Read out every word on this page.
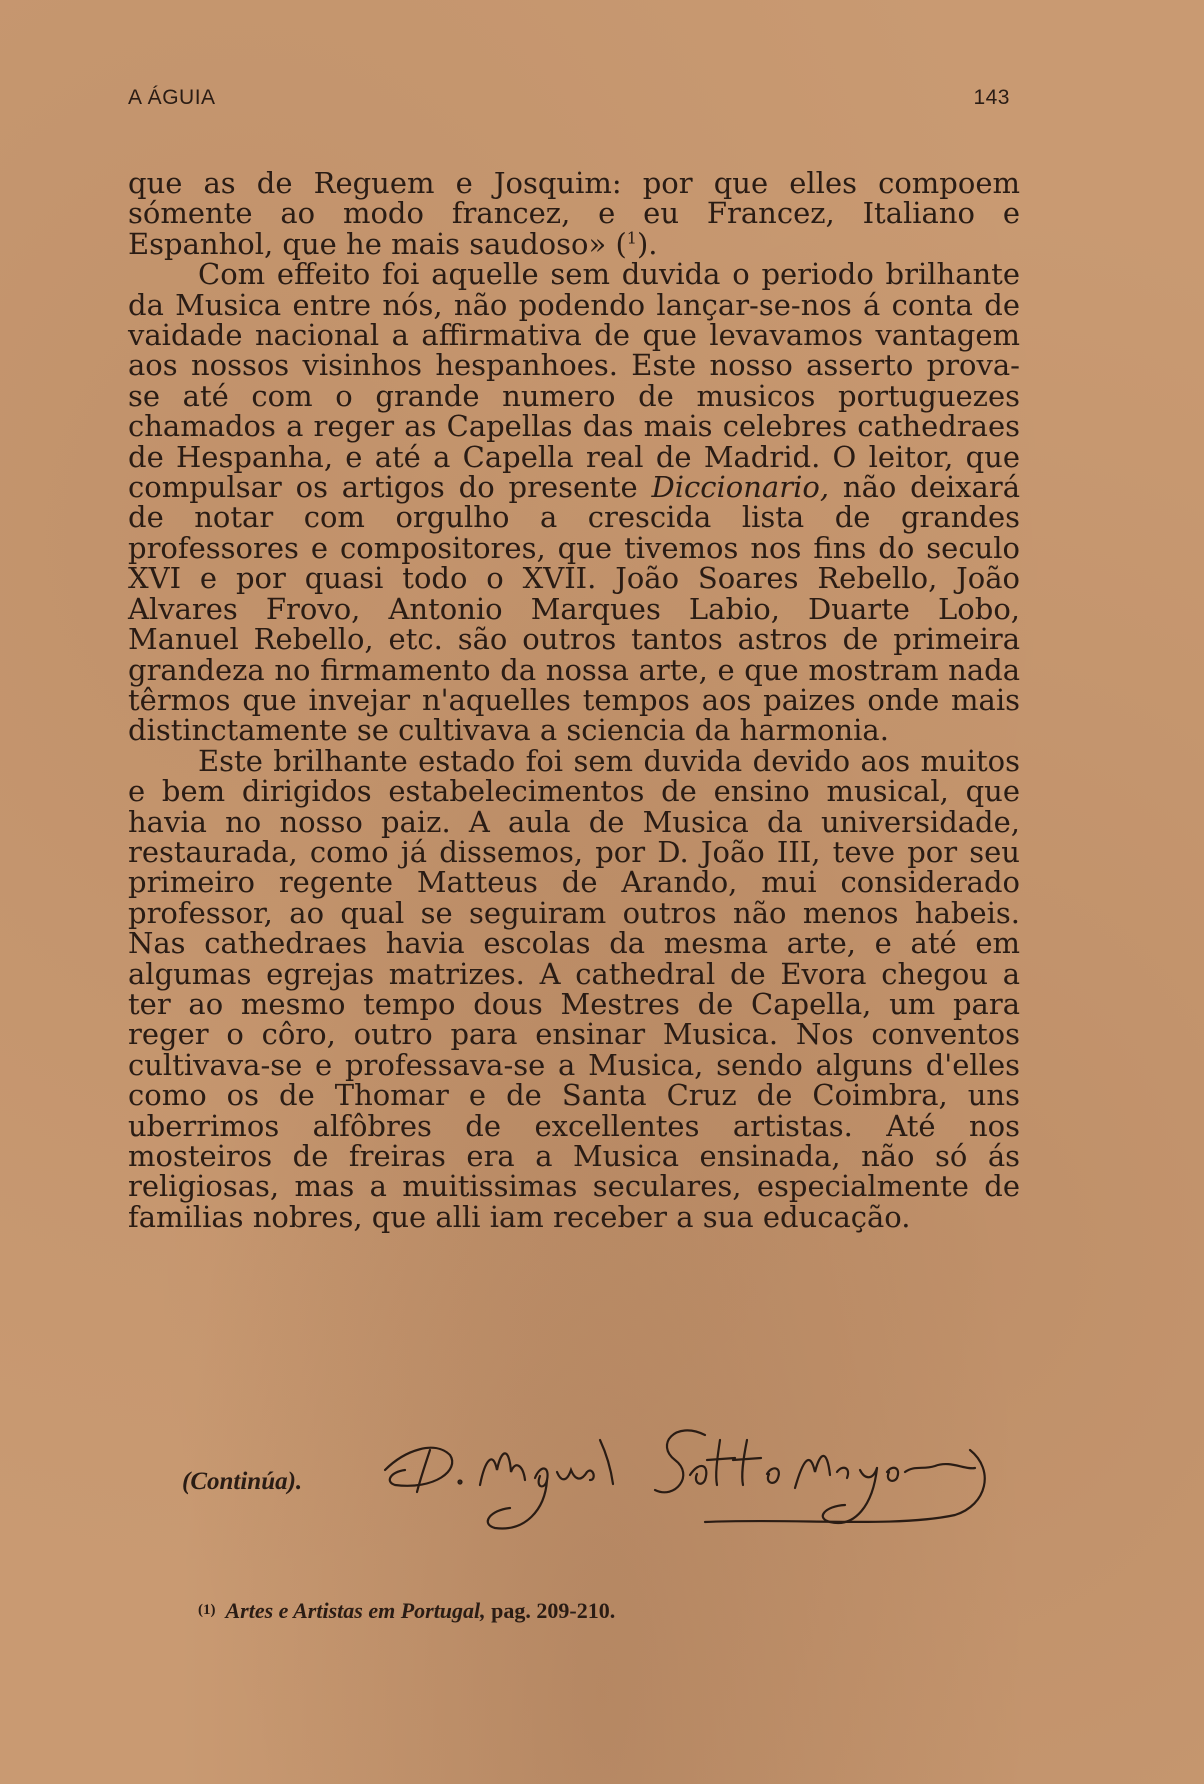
A ÁGUIA	143

que as de Reguem e Josquim: por que elles compoem sómente ao modo francez, e eu Francez, Italiano e Espanhol, que he mais saudoso» ($^1$).

Com effeito foi aquelle sem duvida o periodo brilhante da Musica entre nós, não podendo lançar-se-nos á conta de vaidade nacional a affirmativa de que levavamos vantagem aos nossos visinhos hespanhoes. Este nosso asserto prova-se até com o grande numero de musicos portuguezes chamados a reger as Capellas das mais celebres cathedraes de Hespanha, e até a Capella real de Madrid. O leitor, que compulsar os artigos do presente Diccionario, não deixará de notar com orgulho a crescida lista de grandes professores e compositores, que tivemos nos fins do seculo XVI e por quasi todo o XVII. João Soares Rebello, João Alvares Frovo, Antonio Marques Labio, Duarte Lobo, Manuel Rebello, etc. são outros tantos astros de primeira grandeza no firmamento da nossa arte, e que mostram nada têrmos que invejar n'aquelles tempos aos paizes onde mais distinctamente se cultivava a sciencia da harmonia.

Este brilhante estado foi sem duvida devido aos muitos e bem dirigidos estabelecimentos de ensino musical, que havia no nosso paiz. A aula de Musica da universidade, restaurada, como já dissemos, por D. João III, teve por seu primeiro regente Matteus de Arando, mui considerado professor, ao qual se seguiram outros não menos habeis. Nas cathedraes havia escolas da mesma arte, e até em algumas egrejas matrizes. A cathedral de Evora chegou a ter ao mesmo tempo dous Mestres de Capella, um para reger o côro, outro para ensinar Musica. Nos conventos cultivava-se e professava-se a Musica, sendo alguns d'elles como os de Thomar e de Santa Cruz de Coimbra, uns uberrimos alfôbres de excellentes artistas. Até nos mosteiros de freiras era a Musica ensinada, não só ás religiosas, mas a muitissimas seculares, especialmente de familias nobres, que alli iam receber a sua educação.

(Continúa).
(1) Artes e Artistas em Portugal, pag. 209-210.
